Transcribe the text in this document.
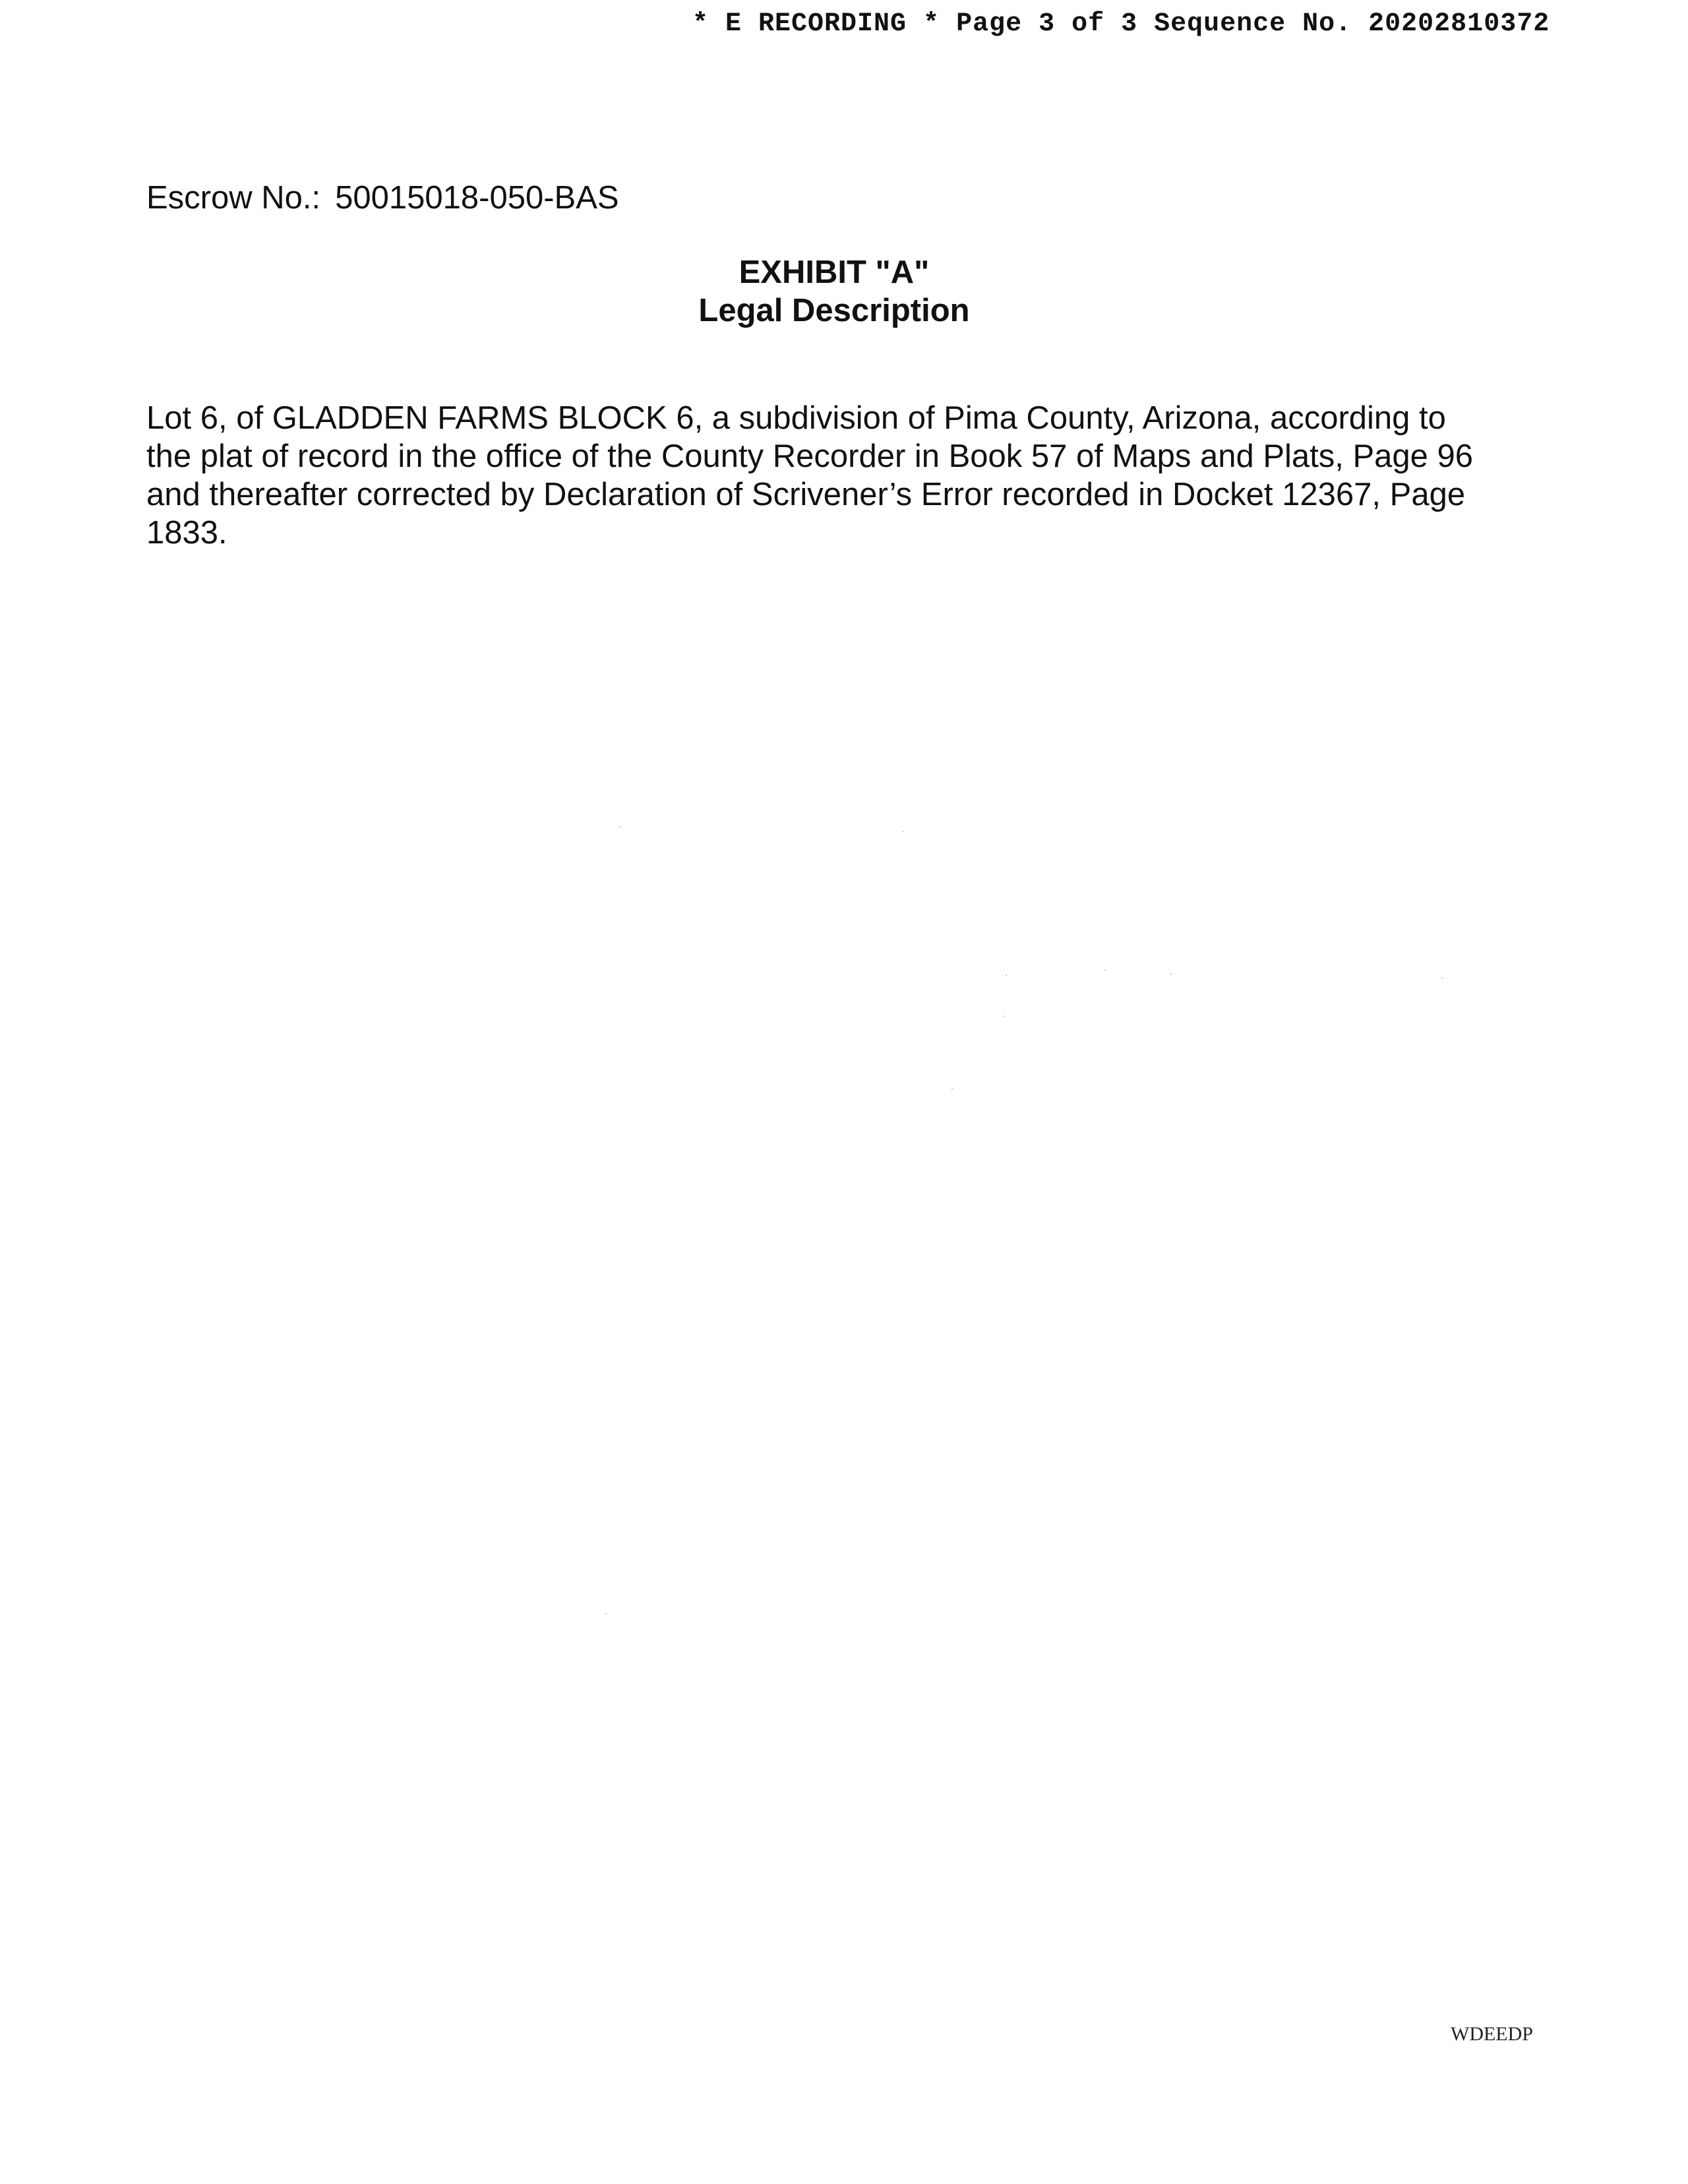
* E RECORDING * Page 3 of 3 Sequence No. 20202810372
Escrow No.: 50015018-050-BAS
EXHIBIT "A"
Legal Description
Lot 6, of GLADDEN FARMS BLOCK 6, a subdivision of Pima County, Arizona, according to
the plat of record in the office of the County Recorder in Book 57 of Maps and Plats, Page 96
and thereafter corrected by Declaration of Scrivener’s Error recorded in Docket 12367, Page
1833.
WDEEDP
